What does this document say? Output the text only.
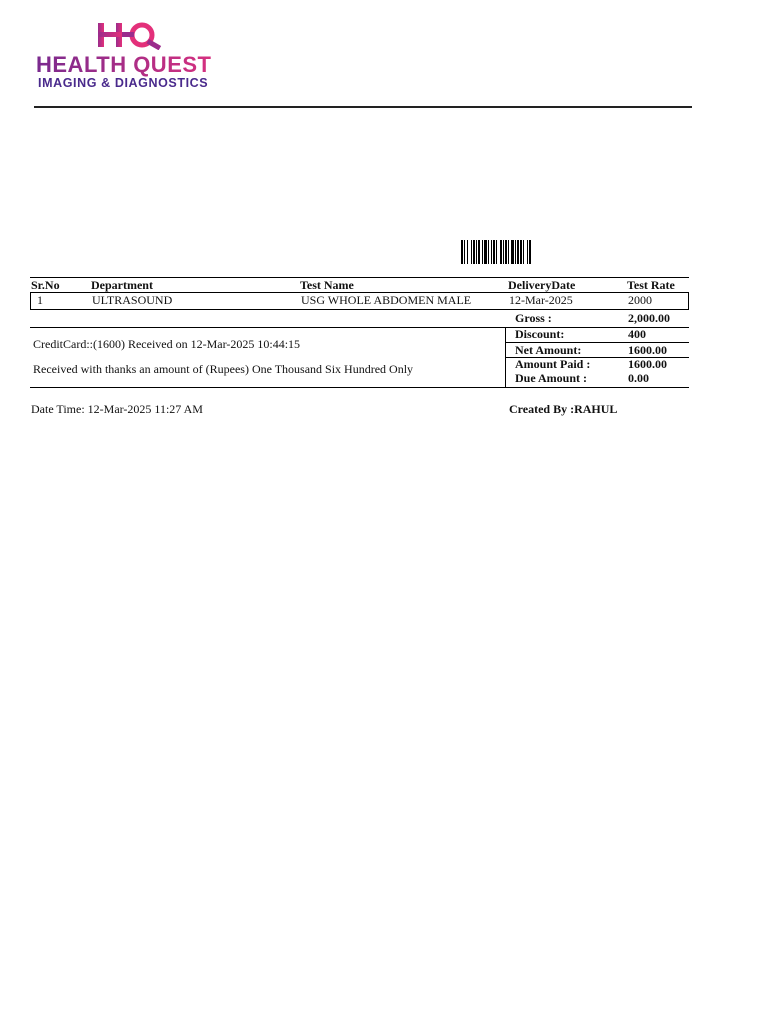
HEALTH QUEST
IMAGING & DIAGNOSTICS
Sr.No	Department	Test Name	DeliveryDate	Test Rate
1	ULTRASOUND	USG WHOLE ABDOMEN MALE	12-Mar-2025	2000
Gross :	2,000.00
CreditCard::(1600) Received on 12-Mar-2025 10:44:15
Received with thanks an amount of (Rupees) One Thousand Six Hundred Only
Discount:	400
Net Amount:	1600.00
Amount Paid :	1600.00
Due Amount :	0.00
Date Time: 12-Mar-2025 11:27 AM	Created By :RAHUL
